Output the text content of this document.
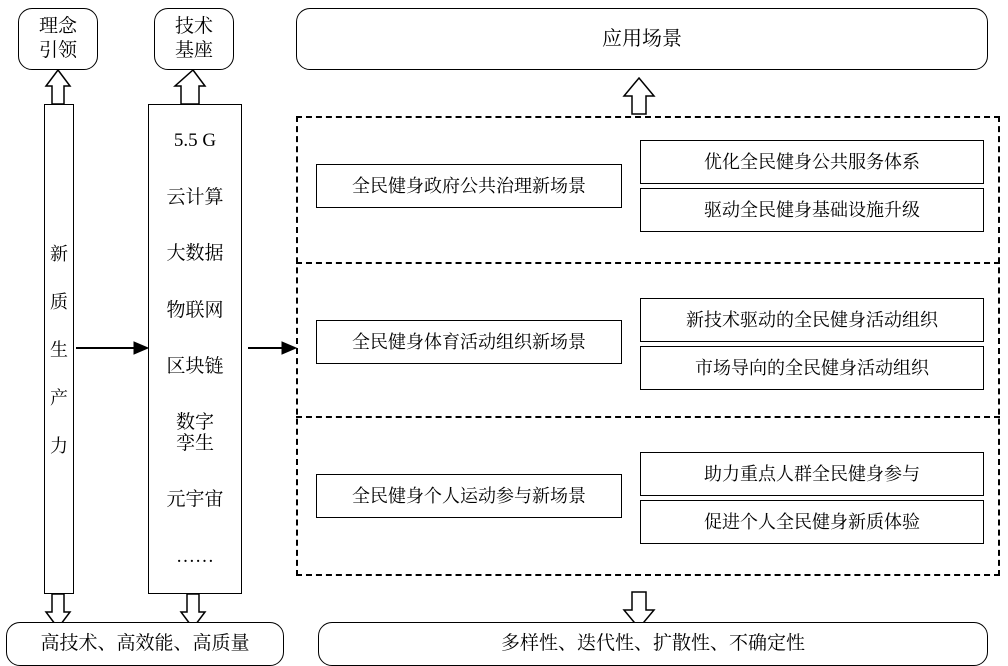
理念
引领
新
质
生
产
力
技术
基座
5.5 G
云计算
大数据
物联网
区块链
数字
孪生
元宇宙
……
应用场景
全民健身政府公共治理新场景
优化全民健身公共服务体系
驱动全民健身基础设施升级
全民健身体育活动组织新场景
新技术驱动的全民健身活动组织
市场导向的全民健身活动组织
全民健身个人运动参与新场景
助力重点人群全民健身参与
促进个人全民健身新质体验
高技术、高效能、高质量	多样性、迭代性、扩散性、不确定性
